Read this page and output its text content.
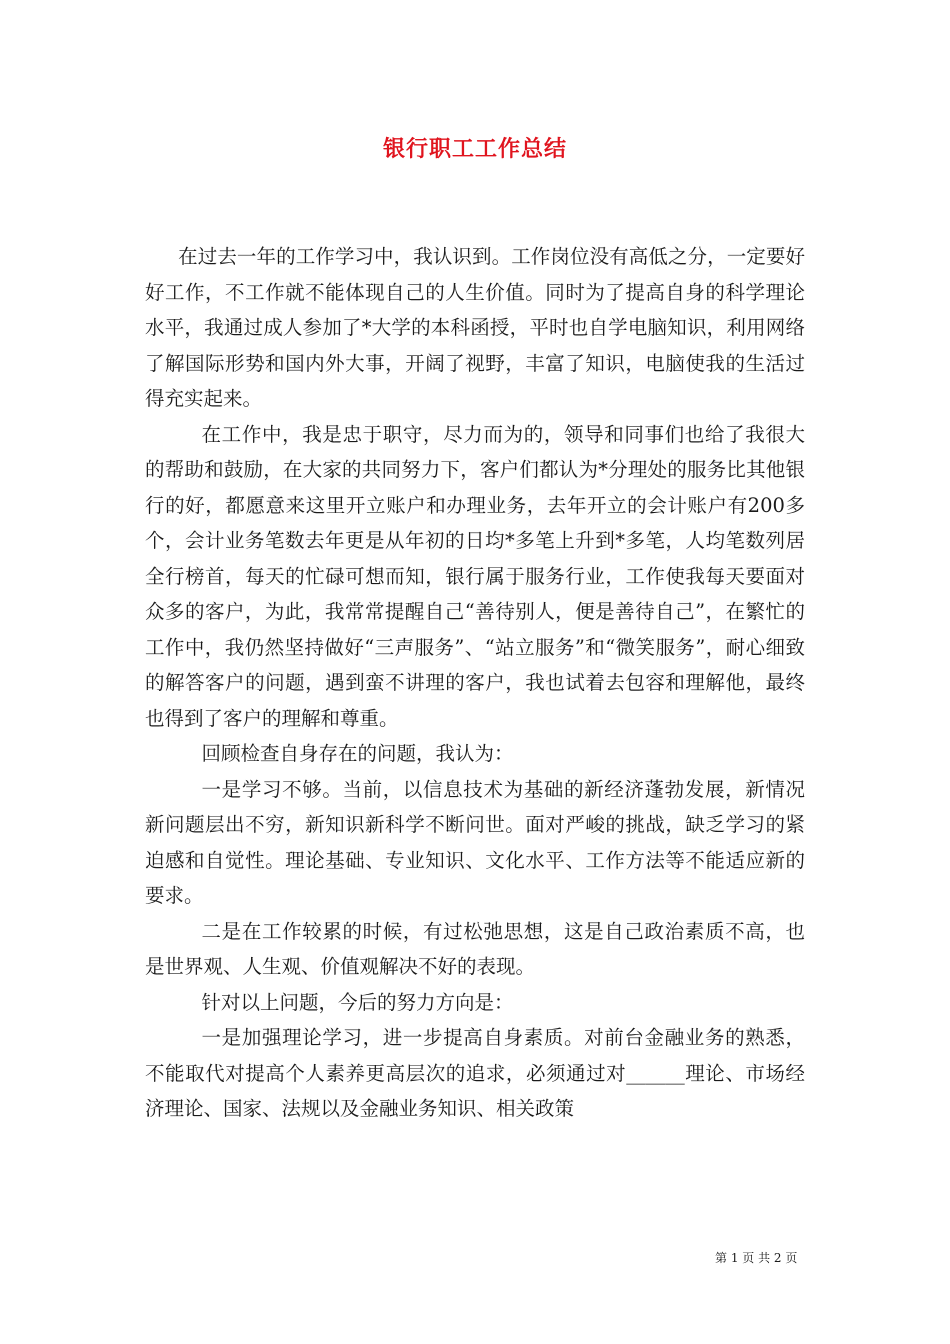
银行职工工作总结

在过去一年的工作学习中，我认识到。工作岗位没有高低之分，一定要好好工作，不工作就不能体现自己的人生价值。同时为了提高自身的科学理论水平，我通过成人参加了*大学的本科函授，平时也自学电脑知识，利用网络了解国际形势和国内外大事，开阔了视野，丰富了知识，电脑使我的生活过得充实起来。

在工作中，我是忠于职守，尽力而为的，领导和同事们也给了我很大的帮助和鼓励，在大家的共同努力下，客户们都认为*分理处的服务比其他银行的好，都愿意来这里开立账户和办理业务，去年开立的会计账户有200多个，会计业务笔数去年更是从年初的日均*多笔上升到*多笔，人均笔数列居全行榜首，每天的忙碌可想而知，银行属于服务行业，工作使我每天要面对众多的客户，为此，我常常提醒自己“善待别人，便是善待自己”，在繁忙的工作中，我仍然坚持做好“三声服务”、“站立服务”和“微笑服务”，耐心细致的解答客户的问题，遇到蛮不讲理的客户，我也试着去包容和理解他，最终也得到了客户的理解和尊重。

回顾检查自身存在的问题，我认为：

一是学习不够。当前，以信息技术为基础的新经济蓬勃发展，新情况新问题层出不穷，新知识新科学不断问世。面对严峻的挑战，缺乏学习的紧迫感和自觉性。理论基础、专业知识、文化水平、工作方法等不能适应新的要求。

二是在工作较累的时候，有过松弛思想，这是自己政治素质不高，也是世界观、人生观、价值观解决不好的表现。

针对以上问题，今后的努力方向是：

一是加强理论学习，进一步提高自身素质。对前台金融业务的熟悉，不能取代对提高个人素养更高层次的追求，必须通过对______理论、市场经济理论、国家、法规以及金融业务知识、相关政策

第 1 页 共 2 页
